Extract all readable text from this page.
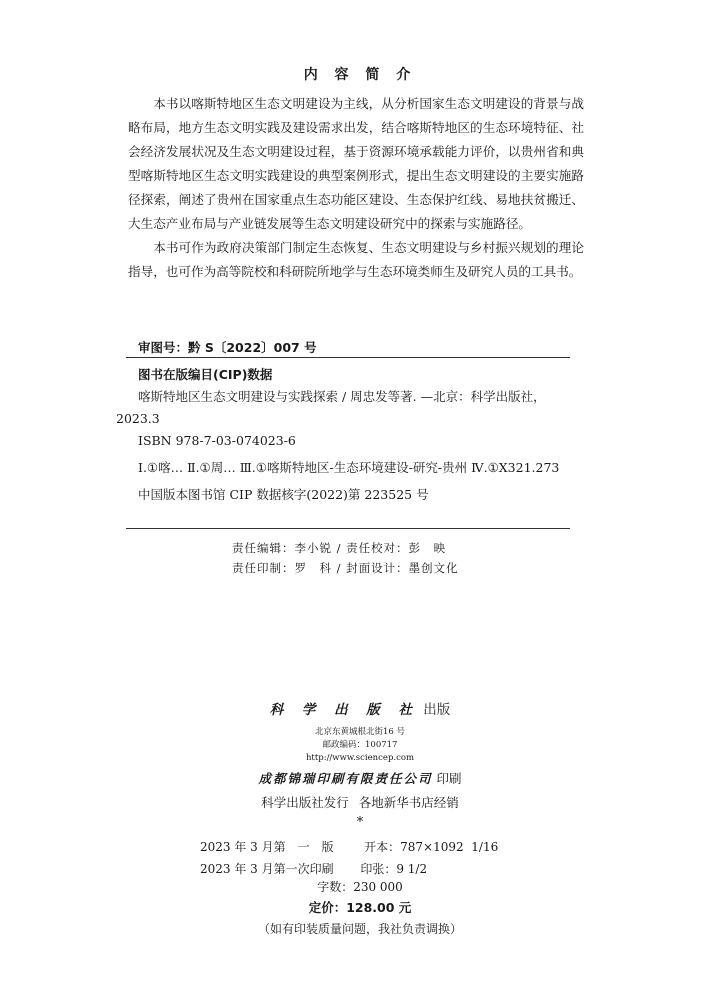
内 容 简 介

本书以喀斯特地区生态文明建设为主线，从分析国家生态文明建设的背景与战略布局，地方生态文明实践及建设需求出发，结合喀斯特地区的生态环境特征、社会经济发展状况及生态文明建设过程，基于资源环境承载能力评价，以贵州省和典型喀斯特地区生态文明实践建设的典型案例形式，提出生态文明建设的主要实施路径探索，阐述了贵州在国家重点生态功能区建设、生态保护红线、易地扶贫搬迁、大生态产业布局与产业链发展等生态文明建设研究中的探索与实施路径。

本书可作为政府决策部门制定生态恢复、生态文明建设与乡村振兴规划的理论指导，也可作为高等院校和科研院所地学与生态环境类师生及研究人员的工具书。

审图号：黔 S〔2022〕007 号
图书在版编目(CIP)数据
喀斯特地区生态文明建设与实践探索 / 周忠发等著. —北京：科学出版社，2023.3
ISBN 978-7-03-074023-6
Ⅰ.①喀… Ⅱ.①周… Ⅲ.①喀斯特地区-生态环境建设-研究-贵州 Ⅳ.①X321.273
中国版本图书馆 CIP 数据核字(2022)第 223525 号
责任编辑：李小锐 / 责任校对：彭　映
责任印制：罗　科 / 封面设计：墨创文化
科 学 出 版 社 出版
北京东黄城根北街16 号
邮政编码：100717
http://www.sciencep.com
成都锦瑞印刷有限责任公司 印刷
科学出版社发行 各地新华书店经销
*
2023 年 3 月第　一　版	开本：787×1092  1/16
2023 年 3 月第一次印刷 印张：9 1/2
字数：230 000
定价：128.00 元
（如有印装质量问题，我社负责调换）
